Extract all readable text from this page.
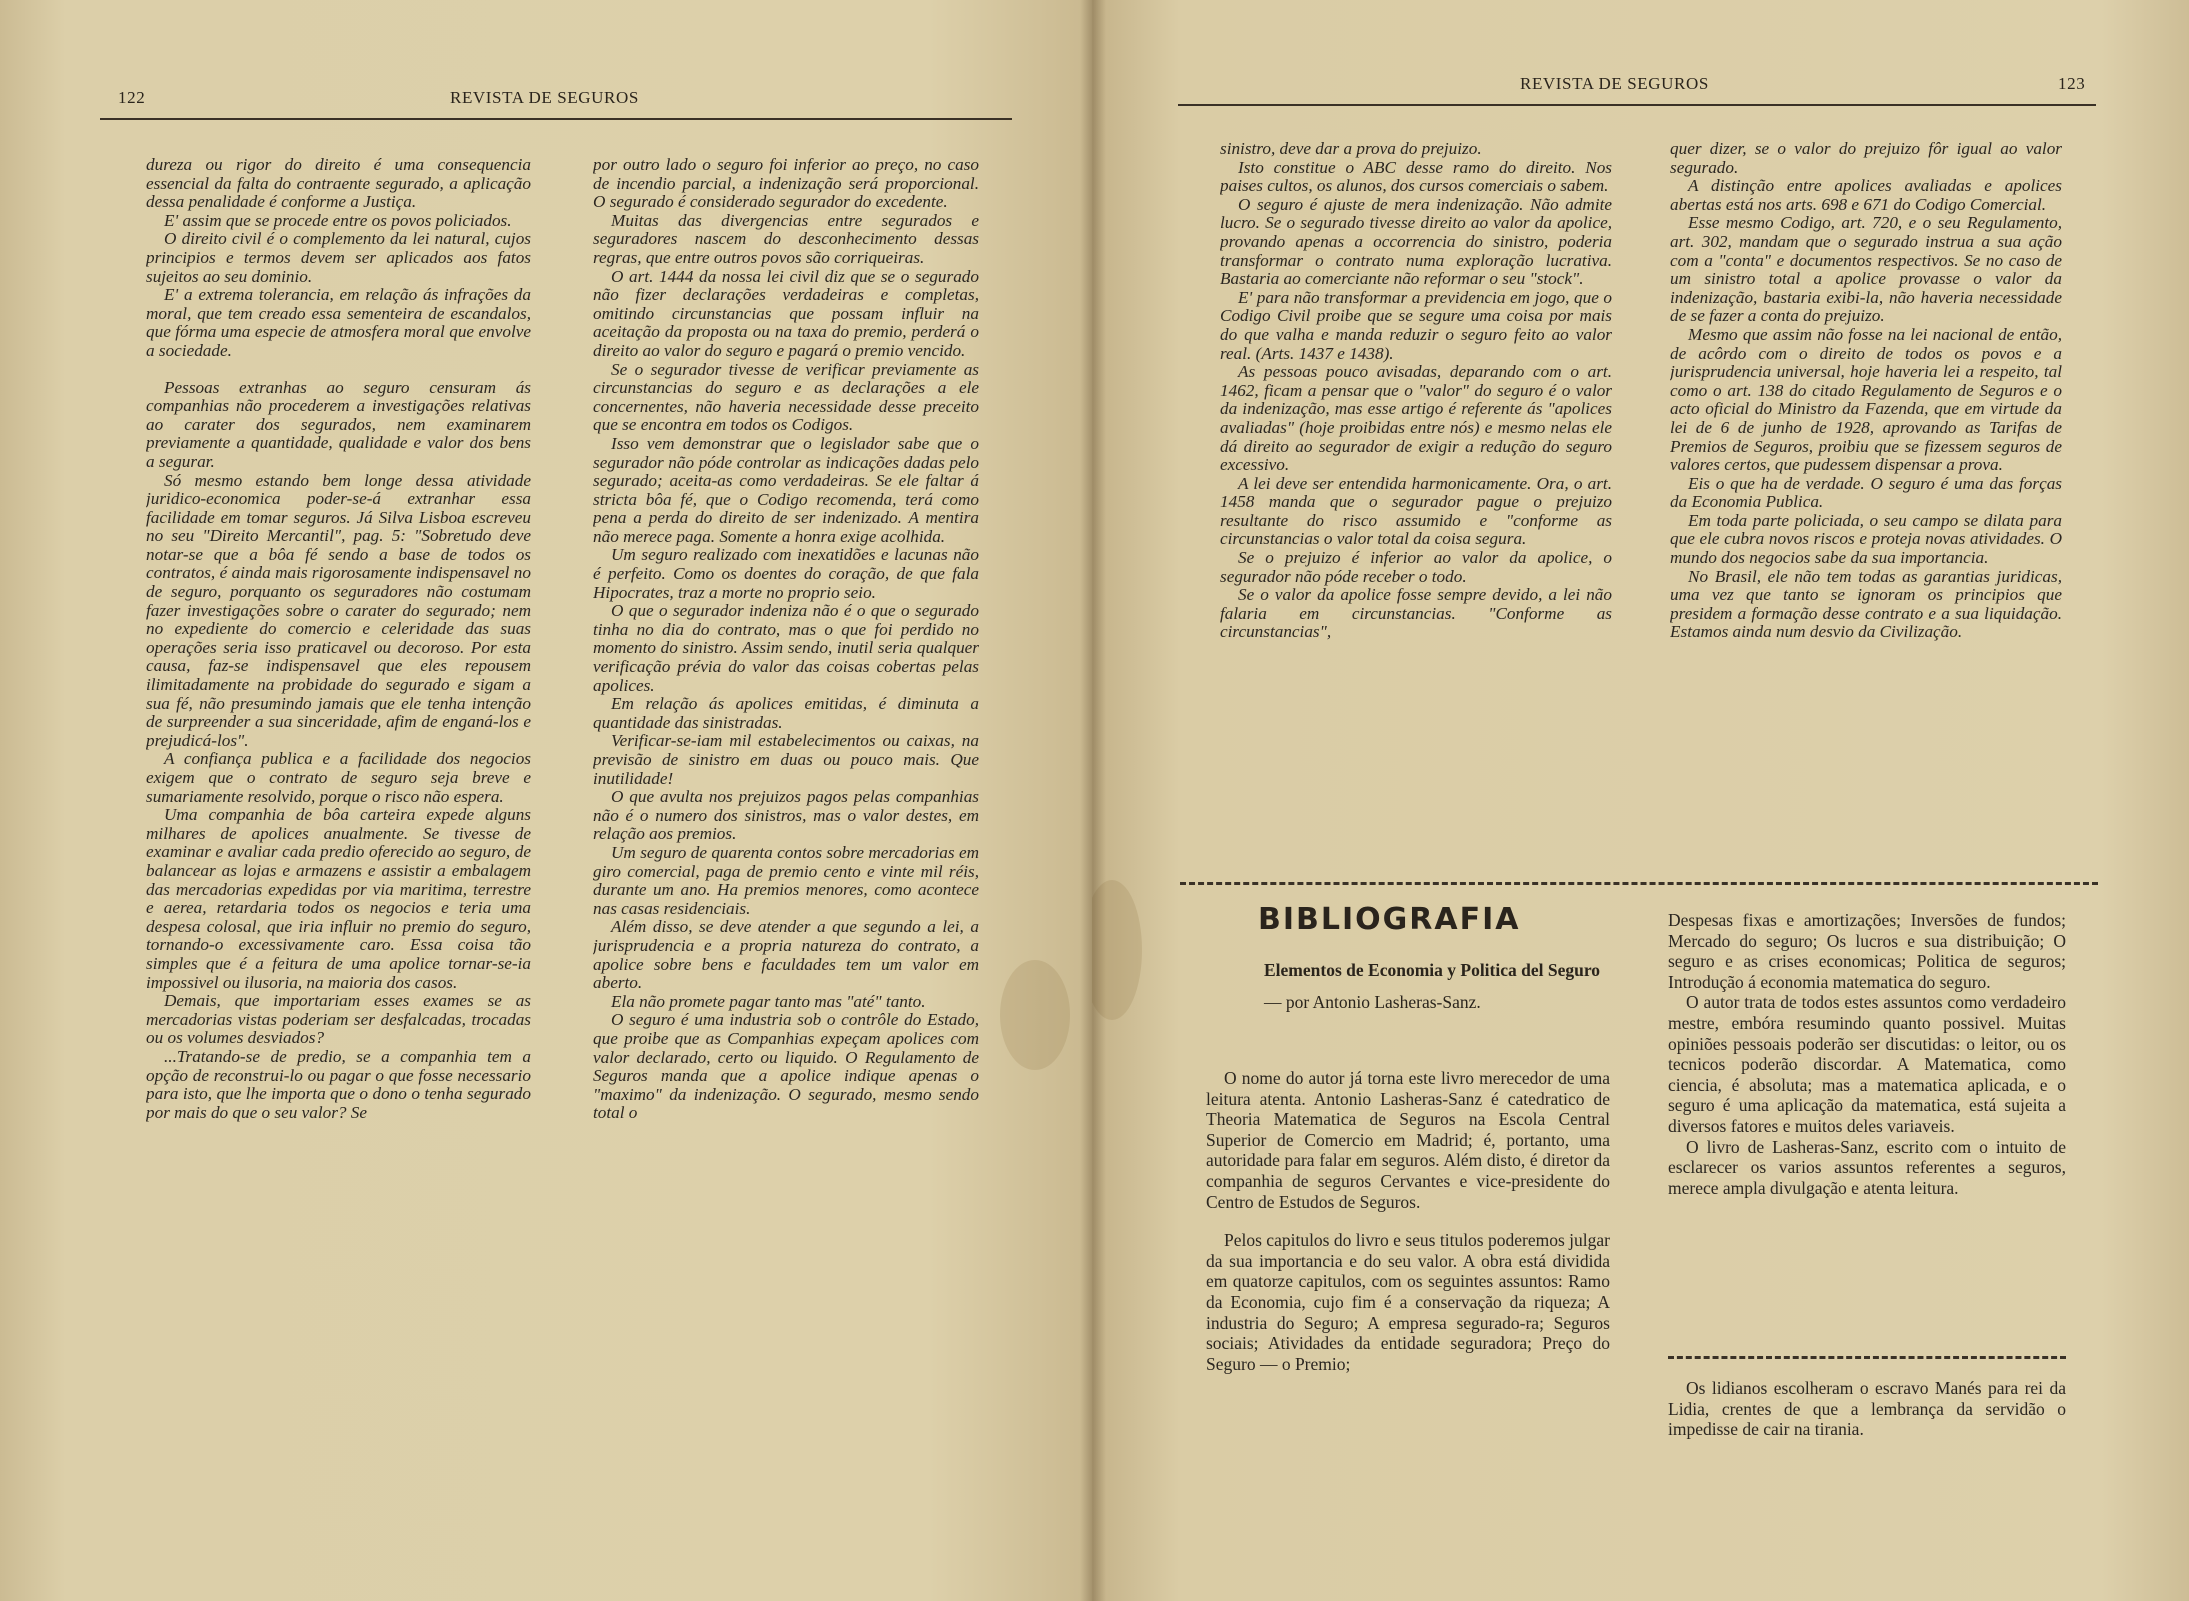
122	REVISTA DE SEGUROS

dureza ou rigor do direito é uma consequencia essencial da falta do contraente segurado, a aplicação dessa penalidade é conforme a Justiça.

E' assim que se procede entre os povos policiados.

O direito civil é o complemento da lei natural, cujos principios e termos devem ser aplicados aos fatos sujeitos ao seu dominio.

E' a extrema tolerancia, em relação ás infrações da moral, que tem creado essa sementeira de escandalos, que fórma uma especie de atmosfera moral que envolve a sociedade.

Pessoas extranhas ao seguro censuram ás companhias não procederem a investigações relativas ao carater dos segurados, nem examinarem previamente a quantidade, qualidade e valor dos bens a segurar.

Só mesmo estando bem longe dessa atividade juridico-economica poder-se-á extranhar essa facilidade em tomar seguros. Já Silva Lisboa escreveu no seu "Direito Mercantil", pag. 5: "Sobretudo deve notar-se que a bôa fé sendo a base de todos os contratos, é ainda mais rigorosamente indispensavel no de seguro, porquanto os seguradores não costumam fazer investigações sobre o carater do segurado; nem no expediente do comercio e celeridade das suas operações seria isso praticavel ou decoroso. Por esta causa, faz-se indispensavel que eles repousem ilimitadamente na probidade do segurado e sigam a sua fé, não presumindo jamais que ele tenha intenção de surpreender a sua sinceridade, afim de enganá-los e prejudicá-los".

A confiança publica e a facilidade dos negocios exigem que o contrato de seguro seja breve e sumariamente resolvido, porque o risco não espera.

Uma companhia de bôa carteira expede alguns milhares de apolices anualmente. Se tivesse de examinar e avaliar cada predio oferecido ao seguro, de balancear as lojas e armazens e assistir a embalagem das mercadorias expedidas por via maritima, terrestre e aerea, retardaria todos os negocios e teria uma despesa colosal, que iria influir no premio do seguro, tornando-o excessivamente caro. Essa coisa tão simples que é a feitura de uma apolice tornar-se-ia impossivel ou ilusoria, na maioria dos casos.

Demais, que importariam esses exames se as mercadorias vistas poderiam ser desfalcadas, trocadas ou os volumes desviados?

...Tratando-se de predio, se a companhia tem a opção de reconstrui-lo ou pagar o que fosse necessario para isto, que lhe importa que o dono o tenha segurado por mais do que o seu valor? Se

por outro lado o seguro foi inferior ao preço, no caso de incendio parcial, a indenização será proporcional. O segurado é considerado segurador do excedente.

Muitas das divergencias entre segurados e seguradores nascem do desconhecimento dessas regras, que entre outros povos são corriqueiras.

O art. 1444 da nossa lei civil diz que se o segurado não fizer declarações verdadeiras e completas, omitindo circunstancias que possam influir na aceitação da proposta ou na taxa do premio, perderá o direito ao valor do seguro e pagará o premio vencido.

Se o segurador tivesse de verificar previamente as circunstancias do seguro e as declarações a ele concernentes, não haveria necessidade desse preceito que se encontra em todos os Codigos.

Isso vem demonstrar que o legislador sabe que o segurador não póde controlar as indicações dadas pelo segurado; aceita-as como verdadeiras. Se ele faltar á stricta bôa fé, que o Codigo recomenda, terá como pena a perda do direito de ser indenizado. A mentira não merece paga. Somente a honra exige acolhida.

Um seguro realizado com inexatidões e lacunas não é perfeito. Como os doentes do coração, de que fala Hipocrates, traz a morte no proprio seio.

O que o segurador indeniza não é o que o segurado tinha no dia do contrato, mas o que foi perdido no momento do sinistro. Assim sendo, inutil seria qualquer verificação prévia do valor das coisas cobertas pelas apolices.

Em relação ás apolices emitidas, é diminuta a quantidade das sinistradas.

Verificar-se-iam mil estabelecimentos ou caixas, na previsão de sinistro em duas ou pouco mais. Que inutilidade!

O que avulta nos prejuizos pagos pelas companhias não é o numero dos sinistros, mas o valor destes, em relação aos premios.

Um seguro de quarenta contos sobre mercadorias em giro comercial, paga de premio cento e vinte mil réis, durante um ano. Ha premios menores, como acontece nas casas residenciais.

Além disso, se deve atender a que segundo a lei, a jurisprudencia e a propria natureza do contrato, a apolice sobre bens e faculdades tem um valor em aberto.

Ela não promete pagar tanto mas "até" tanto.

O seguro é uma industria sob o contrôle do Estado, que proibe que as Companhias expeçam apolices com valor declarado, certo ou liquido. O Regulamento de Seguros manda que a apolice indique apenas o "maximo" da indenização. O segurado, mesmo sendo total o

REVISTA DE SEGUROS	123

sinistro, deve dar a prova do prejuizo.

Isto constitue o ABC desse ramo do direito. Nos paises cultos, os alunos, dos cursos comerciais o sabem.

O seguro é ajuste de mera indenização. Não admite lucro. Se o segurado tivesse direito ao valor da apolice, provando apenas a occorrencia do sinistro, poderia transformar o contrato numa exploração lucrativa. Bastaria ao comerciante não reformar o seu "stock".

E' para não transformar a previdencia em jogo, que o Codigo Civil proibe que se segure uma coisa por mais do que valha e manda reduzir o seguro feito ao valor real. (Arts. 1437 e 1438).

As pessoas pouco avisadas, deparando com o art. 1462, ficam a pensar que o "valor" do seguro é o valor da indenização, mas esse artigo é referente ás "apolices avaliadas" (hoje proibidas entre nós) e mesmo nelas ele dá direito ao segurador de exigir a redução do seguro excessivo.

A lei deve ser entendida harmonicamente. Ora, o art. 1458 manda que o segurador pague o prejuizo resultante do risco assumido e "conforme as circunstancias o valor total da coisa segura.

Se o prejuizo é inferior ao valor da apolice, o segurador não póde receber o todo.

Se o valor da apolice fosse sempre devido, a lei não falaria em circunstancias. "Conforme as circunstancias",

quer dizer, se o valor do prejuizo fôr igual ao valor segurado.

A distinção entre apolices avaliadas e apolices abertas está nos arts. 698 e 671 do Codigo Comercial.

Esse mesmo Codigo, art. 720, e o seu Regulamento, art. 302, mandam que o segurado instrua a sua ação com a "conta" e documentos respectivos. Se no caso de um sinistro total a apolice provasse o valor da indenização, bastaria exibi-la, não haveria necessidade de se fazer a conta do prejuizo.

Mesmo que assim não fosse na lei nacional de então, de acôrdo com o direito de todos os povos e a jurisprudencia universal, hoje haveria lei a respeito, tal como o art. 138 do citado Regulamento de Seguros e o acto oficial do Ministro da Fazenda, que em virtude da lei de 6 de junho de 1928, aprovando as Tarifas de Premios de Seguros, proibiu que se fizessem seguros de valores certos, que pudessem dispensar a prova.

Eis o que ha de verdade. O seguro é uma das forças da Economia Publica.

Em toda parte policiada, o seu campo se dilata para que ele cubra novos riscos e proteja novas atividades. O mundo dos negocios sabe da sua importancia.

No Brasil, ele não tem todas as garantias juridicas, uma vez que tanto se ignoram os principios que presidem a formação desse contrato e a sua liquidação. Estamos ainda num desvio da Civilização.

BIBLIOGRAFIA
Elementos de Economia y Politica del Seguro — por Antonio Lasheras-Sanz.

O nome do autor já torna este livro merecedor de uma leitura atenta. Antonio Lasheras-Sanz é catedratico de Theoria Matematica de Seguros na Escola Central Superior de Comercio em Madrid; é, portanto, uma autoridade para falar em seguros. Além disto, é diretor da companhia de seguros Cervantes e vice-presidente do Centro de Estudos de Seguros.

Pelos capitulos do livro e seus titulos poderemos julgar da sua importancia e do seu valor. A obra está dividida em quatorze capitulos, com os seguintes assuntos: Ramo da Economia, cujo fim é a conservação da riqueza; A industria do Seguro; A empresa segurado-ra; Seguros sociais; Atividades da entidade seguradora; Preço do Seguro — o Premio;

Despesas fixas e amortizações; Inversões de fundos; Mercado do seguro; Os lucros e sua distribuição; O seguro e as crises economicas; Politica de seguros; Introdução á economia matematica do seguro.

O autor trata de todos estes assuntos como verdadeiro mestre, embóra resumindo quanto possivel. Muitas opiniões pessoais poderão ser discutidas: o leitor, ou os tecnicos poderão discordar. A Matematica, como ciencia, é absoluta; mas a matematica aplicada, e o seguro é uma aplicação da matematica, está sujeita a diversos fatores e muitos deles variaveis.

O livro de Lasheras-Sanz, escrito com o intuito de esclarecer os varios assuntos referentes a seguros, merece ampla divulgação e atenta leitura.

Os lidianos escolheram o escravo Manés para rei da Lidia, crentes de que a lembrança da servidão o impedisse de cair na tirania.
